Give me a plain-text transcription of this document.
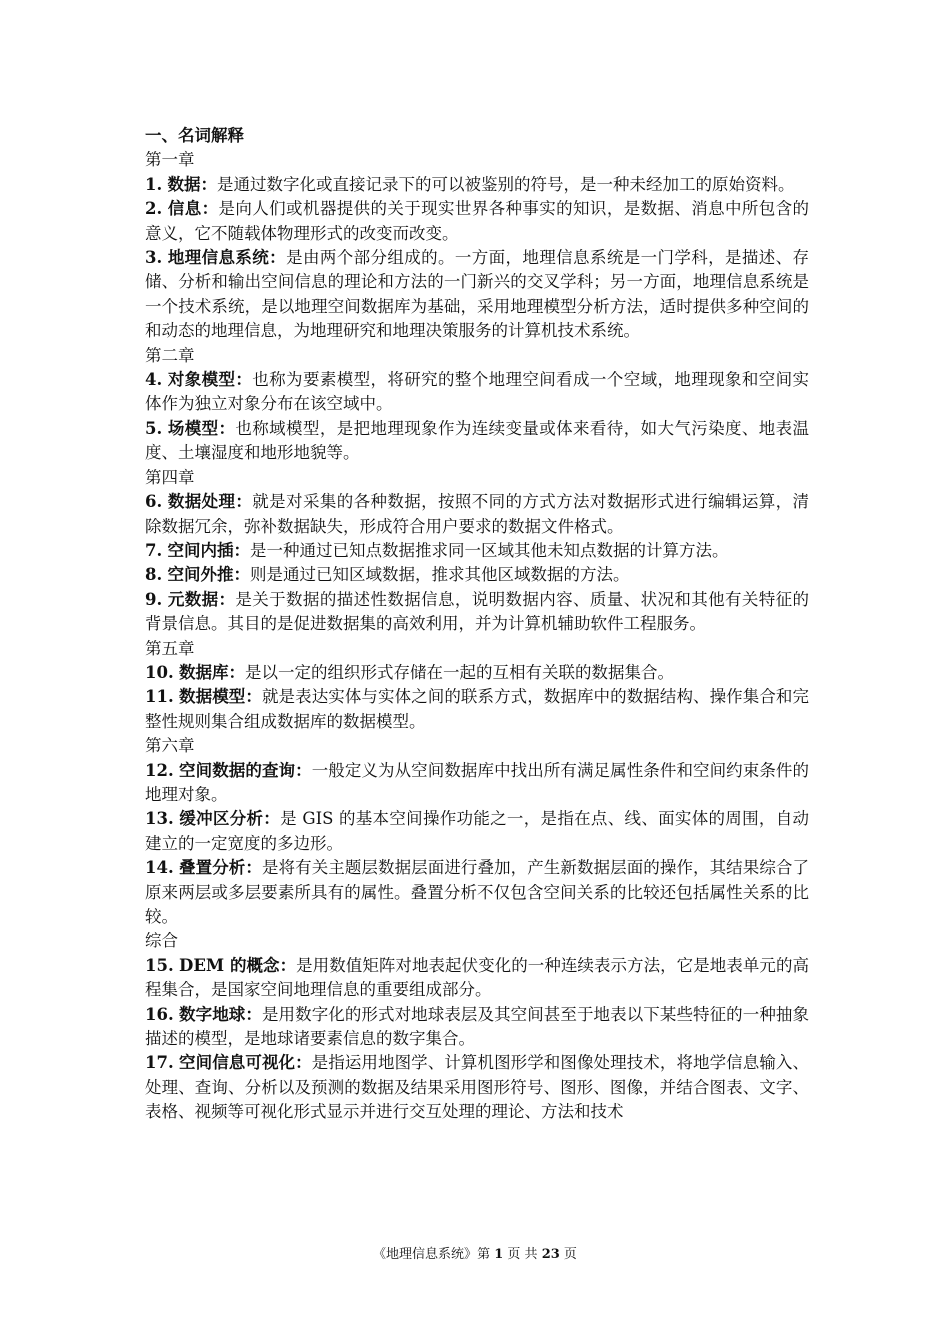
一、名词解释

第一章

1. 数据：是通过数字化或直接记录下的可以被鉴别的符号，是一种未经加工的原始资料。

2. 信息：是向人们或机器提供的关于现实世界各种事实的知识，是数据、消息中所包含的意义，它不随载体物理形式的改变而改变。

3. 地理信息系统：是由两个部分组成的。一方面，地理信息系统是一门学科，是描述、存储、分析和输出空间信息的理论和方法的一门新兴的交叉学科；另一方面，地理信息系统是一个技术系统，是以地理空间数据库为基础，采用地理模型分析方法，适时提供多种空间的和动态的地理信息，为地理研究和地理决策服务的计算机技术系统。

第二章

4. 对象模型：也称为要素模型，将研究的整个地理空间看成一个空域，地理现象和空间实体作为独立对象分布在该空域中。

5. 场模型：也称域模型，是把地理现象作为连续变量或体来看待，如大气污染度、地表温度、土壤湿度和地形地貌等。

第四章

6. 数据处理：就是对采集的各种数据，按照不同的方式方法对数据形式进行编辑运算，清除数据冗余，弥补数据缺失，形成符合用户要求的数据文件格式。

7. 空间内插：是一种通过已知点数据推求同一区域其他未知点数据的计算方法。

8. 空间外推：则是通过已知区域数据，推求其他区域数据的方法。

9. 元数据：是关于数据的描述性数据信息，说明数据内容、质量、状况和其他有关特征的背景信息。其目的是促进数据集的高效利用，并为计算机辅助软件工程服务。

第五章

10. 数据库：是以一定的组织形式存储在一起的互相有关联的数据集合。

11. 数据模型：就是表达实体与实体之间的联系方式，数据库中的数据结构、操作集合和完整性规则集合组成数据库的数据模型。

第六章

12. 空间数据的查询：一般定义为从空间数据库中找出所有满足属性条件和空间约束条件的地理对象。

13. 缓冲区分析：是 GIS 的基本空间操作功能之一，是指在点、线、面实体的周围，自动建立的一定宽度的多边形。

14. 叠置分析：是将有关主题层数据层面进行叠加，产生新数据层面的操作，其结果综合了原来两层或多层要素所具有的属性。叠置分析不仅包含空间关系的比较还包括属性关系的比较。

综合

15. DEM 的概念：是用数值矩阵对地表起伏变化的一种连续表示方法，它是地表单元的高程集合，是国家空间地理信息的重要组成部分。

16. 数字地球：是用数字化的形式对地球表层及其空间甚至于地表以下某些特征的一种抽象描述的模型，是地球诸要素信息的数字集合。

17. 空间信息可视化：是指运用地图学、计算机图形学和图像处理技术，将地学信息输入、处理、查询、分析以及预测的数据及结果采用图形符号、图形、图像，并结合图表、文字、表格、视频等可视化形式显示并进行交互处理的理论、方法和技术

《地理信息系统》第 1 页 共 23 页
